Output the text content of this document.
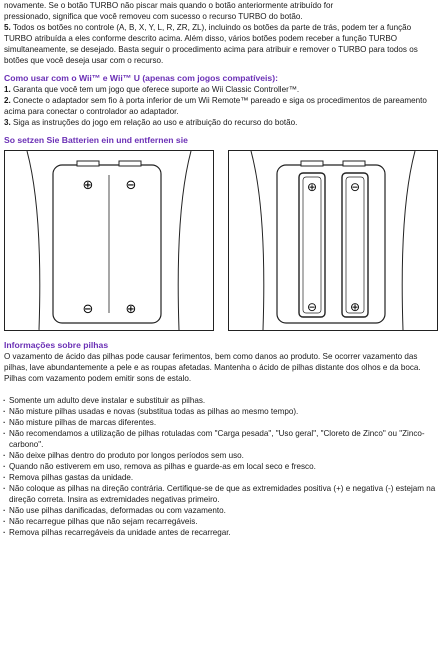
novamente. Se o botão TURBO não piscar mais quando o botão anteriormente atribuído for

pressionado, significa que você removeu com sucesso o recurso TURBO do botão.

5. Todos os botões no controle (A, B, X, Y, L, R, ZR, ZL), incluindo os botões da parte de trás, podem ter a função TURBO atribuída a eles conforme descrito acima. Além disso, vários botões podem receber a função TURBO simultaneamente, se desejado. Basta seguir o procedimento acima para atribuir e remover o TURBO para todos os botões que você deseja usar com o recurso.

Como usar com o Wii™ e Wii™ U (apenas com jogos compatíveis):

1. Garanta que você tem um jogo que oferece suporte ao Wii Classic Controller™.

2. Conecte o adaptador sem fio à porta inferior de um Wii Remote™ pareado e siga os procedimentos de pareamento acima para conectar o controlador ao adaptador.

3. Siga as instruções do jogo em relação ao uso e atribuição do recurso do botão.

So setzen Sie Batterien ein und entfernen sie

⊕ ⊖
⊖ ⊕
⊕	⊖
⊖	⊕

Informações sobre pilhas

O vazamento de ácido das pilhas pode causar ferimentos, bem como danos ao produto. Se ocorrer vazamento das pilhas, lave abundantemente a pele e as roupas afetadas. Mantenha o ácido de pilhas distante dos olhos e da boca. Pilhas com vazamento podem emitir sons de estalo.

· Somente um adulto deve instalar e substituir as pilhas.
· Não misture pilhas usadas e novas (substitua todas as pilhas ao mesmo tempo).
· Não misture pilhas de marcas diferentes.
· Não recomendamos a utilização de pilhas rotuladas com "Carga pesada", "Uso geral", "Cloreto de Zinco" ou "Zinco-carbono".
· Não deixe pilhas dentro do produto por longos períodos sem uso.
· Quando não estiverem em uso, remova as pilhas e guarde-as em local seco e fresco.
· Remova pilhas gastas da unidade.
· Não coloque as pilhas na direção contrária. Certifique-se de que as extremidades positiva (+) e negativa (-) estejam na direção correta. Insira as extremidades negativas primeiro.
· Não use pilhas danificadas, deformadas ou com vazamento.
· Não recarregue pilhas que não sejam recarregáveis.
· Remova pilhas recarregáveis da unidade antes de recarregar.
